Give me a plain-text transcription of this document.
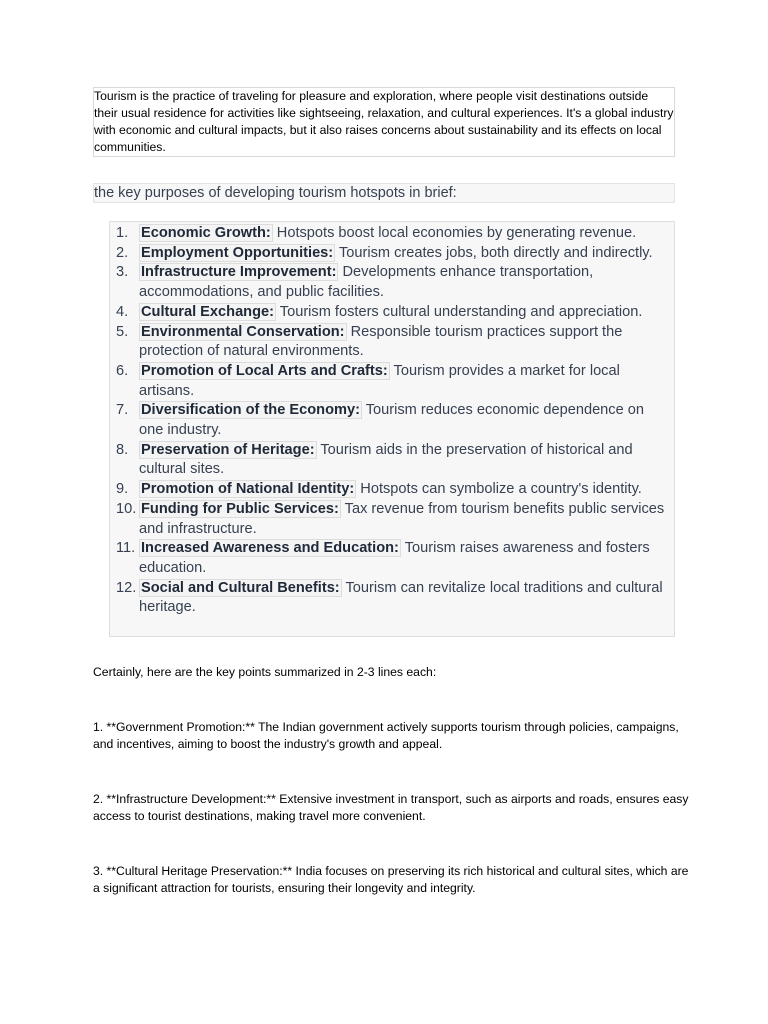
Tourism is the practice of traveling for pleasure and exploration, where people visit destinations outside their usual residence for activities like sightseeing, relaxation, and cultural experiences. It's a global industry with economic and cultural impacts, but it also raises concerns about sustainability and its effects on local communities.

the key purposes of developing tourism hotspots in brief:
1. Economic Growth: Hotspots boost local economies by generating revenue.
2. Employment Opportunities: Tourism creates jobs, both directly and indirectly.
3. Infrastructure Improvement: Developments enhance transportation, accommodations, and public facilities.
4. Cultural Exchange: Tourism fosters cultural understanding and appreciation.
5. Environmental Conservation: Responsible tourism practices support the protection of natural environments.
6. Promotion of Local Arts and Crafts: Tourism provides a market for local artisans.
7. Diversification of the Economy: Tourism reduces economic dependence on one industry.
8. Preservation of Heritage: Tourism aids in the preservation of historical and cultural sites.
9. Promotion of National Identity: Hotspots can symbolize a country's identity.
10. Funding for Public Services: Tax revenue from tourism benefits public services and infrastructure.
11. Increased Awareness and Education: Tourism raises awareness and fosters education.
12. Social and Cultural Benefits: Tourism can revitalize local traditions and cultural heritage.

Certainly, here are the key points summarized in 2-3 lines each:

1. **Government Promotion:** The Indian government actively supports tourism through policies, campaigns, and incentives, aiming to boost the industry's growth and appeal.

2. **Infrastructure Development:** Extensive investment in transport, such as airports and roads, ensures easy access to tourist destinations, making travel more convenient.

3. **Cultural Heritage Preservation:** India focuses on preserving its rich historical and cultural sites, which are a significant attraction for tourists, ensuring their longevity and integrity.
